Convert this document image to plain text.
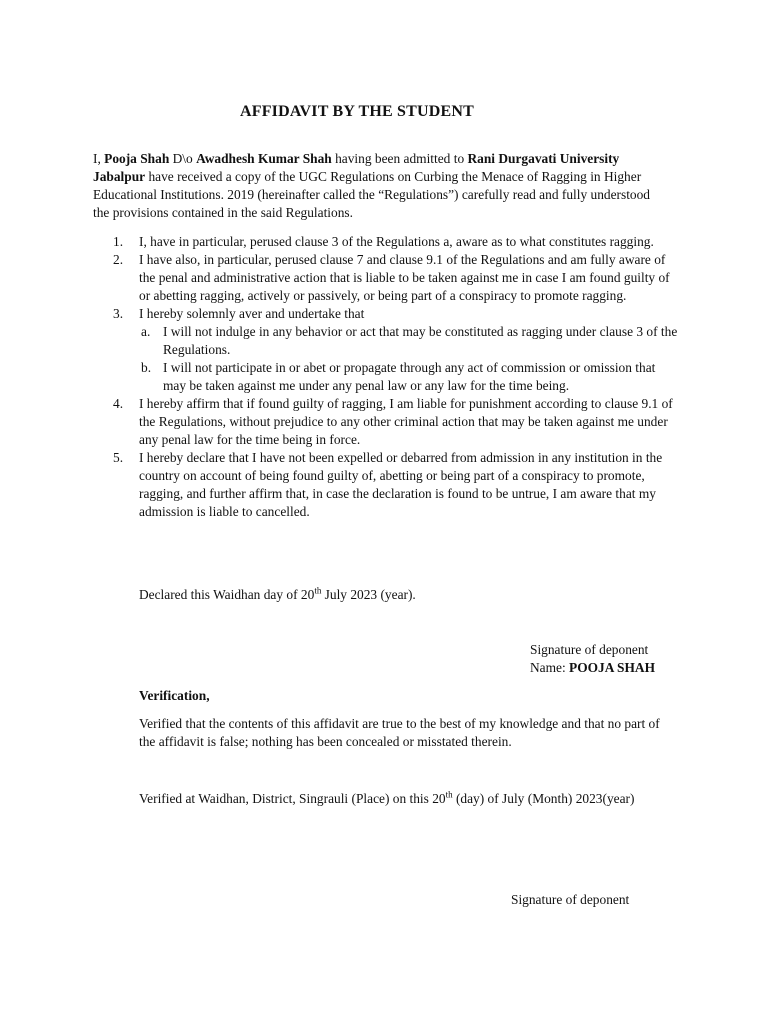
AFFIDAVIT BY THE STUDENT
I, Pooja Shah D\o Awadhesh Kumar Shah having been admitted to Rani Durgavati University Jabalpur have received a copy of the UGC Regulations on Curbing the Menace of Ragging in Higher Educational Institutions. 2019 (hereinafter called the “Regulations”) carefully read and fully understood the provisions contained in the said Regulations.
1. I, have in particular, perused clause 3 of the Regulations a, aware as to what constitutes ragging.
2. I have also, in particular, perused clause 7 and clause 9.1 of the Regulations and am fully aware of the penal and administrative action that is liable to be taken against me in case I am found guilty of or abetting ragging, actively or passively, or being part of a conspiracy to promote ragging.
3. I hereby solemnly aver and undertake that
a. I will not indulge in any behavior or act that may be constituted as ragging under clause 3 of the Regulations.
b. I will not participate in or abet or propagate through any act of commission or omission that may be taken against me under any penal law or any law for the time being.
4. I hereby affirm that if found guilty of ragging, I am liable for punishment according to clause 9.1 of the Regulations, without prejudice to any other criminal action that may be taken against me under any penal law for the time being in force.
5. I hereby declare that I have not been expelled or debarred from admission in any institution in the country on account of being found guilty of, abetting or being part of a conspiracy to promote, ragging, and further affirm that, in case the declaration is found to be untrue, I am aware that my admission is liable to cancelled.
Declared this Waidhan day of 20th July 2023 (year).
Signature of deponent
Name: POOJA SHAH
Verification,
Verified that the contents of this affidavit are true to the best of my knowledge and that no part of the affidavit is false; nothing has been concealed or misstated therein.
Verified at Waidhan, District, Singrauli (Place) on this 20th (day) of July (Month) 2023(year)
Signature of deponent
